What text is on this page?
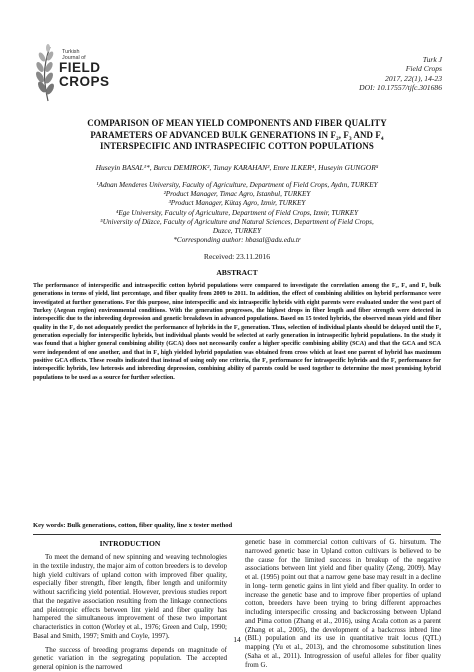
Turkish
Journal of
FIELD
CROPS
Turk J
Field Crops
2017, 22(1), 14-23
DOI: 10.17557/tjfc.301686
COMPARISON OF MEAN YIELD COMPONENTS AND FIBER QUALITY
PARAMETERS OF ADVANCED BULK GENERATIONS IN F₂, F₃ AND F₄
INTERSPECIFIC AND INTRASPECIFIC COTTON POPULATIONS
Huseyin BASAL¹*, Burcu DEMIROK², Tunay KARAHAN³, Emre ILKER⁴, Huseyin GUNGOR⁵
¹Adnan Menderes University, Faculty of Agriculture, Department of Field Crops, Aydın, TURKEY
²Product Manager, Timac Agro, Istanbul, TURKEY
³Product Manager, Kütaş Agro, Izmir, TURKEY
⁴Ege University, Faculty of Agriculture, Department of Field Crops, Izmir, TURKEY
⁵University of Düzce, Faculty of Agriculture and Natural Sciences, Department of Field Crops,
Duzce, TURKEY
*Corresponding author: hbasal@adu.edu.tr
Received: 23.11.2016
ABSTRACT
The performance of interspecific and intraspecific cotton hybrid populations were compared to investigate the correlation among the F₂, F₃ and F₄ bulk generations in terms of yield, lint percentage, and fiber quality from 2009 to 2011. In addition, the effect of combining abilities on hybrid performance were investigated at further generations. For this purpose, nine interspecific and six intraspecific hybrids with eight parents were evaluated under the west part of Turkey (Aegean region) environmental conditions. With the generation progresses, the highest drops in fiber length and fiber strength were detected in interspecific due to the inbreeding depression and genetic breakdown in advanced populations. Based on 15 tested hybrids, the observed mean yield and fiber quality in the F₂ do not adequately predict the performance of hybrids in the F₄ generation. Thus, selection of individual plants should be delayed until the F₄ generation especially for interspecific hybrids, but individual plants would be selected at early generation in intraspecific hybrid populations. In the study it was found that a higher general combining ability (GCA) does not necessarily confer a higher specific combining ability (SCA) and that the GCA and SCA were independent of one another, and that in F₄ high yielded hybrid population was obtained from cross which at least one parent of hybrid has maximum positive GCA effects. These results indicated that instead of using only one criteria, the F₂ performance for intraspecific hybrids and the F₃ performance for interspecific hybrids, low heterosis and inbreeding depression, combining ability of parents could be used together to determine the most promising hybrid populations to be used as a source for further selection.
Key words: Bulk generations, cotton, fiber quality, line x tester method
INTRODUCTION

To meet the demand of new spinning and weaving technologies in the textile industry, the major aim of cotton breeders is to develop high yield cultivars of upland cotton with improved fiber quality, especially fiber strength, fiber length, fiber length and uniformity without sacrificing yield potential. However, previous studies report that the negative association resulting from the linkage connections and pleiotropic effects between lint yield and fiber quality has hampered the simultaneous improvement of these two important characteristics in cotton (Worley et al., 1976; Green and Culp, 1990; Basal and Smith, 1997; Smith and Coyle, 1997).

The success of breeding programs depends on magnitude of genetic variation in the segregating population. The accepted general opinion is the narrowed

genetic base in commercial cotton cultivars of G. hirsutum. The narrowed genetic base in Upland cotton cultivars is believed to be the cause for the limited success in breakup of the negative associations between lint yield and fiber quality (Zeng, 2009). May et al. (1995) point out that a narrow gene base may result in a decline in long- term genetic gains in lint yield and fiber quality. In order to increase the genetic base and to improve fiber properties of upland cotton, breeders have been trying to bring different approaches including interspecific crossing and backcrossing between Upland and Pima cotton (Zhang et al., 2016), using Acala cotton as a parent (Zhang et al., 2005), the development of a backcross inbred line (BIL) population and its use in quantitative trait locus (QTL) mapping (Yu et al., 2013), and the chromosome substitution lines (Saha et al., 2011). Introgression of useful alleles for fiber quality from G.

14
